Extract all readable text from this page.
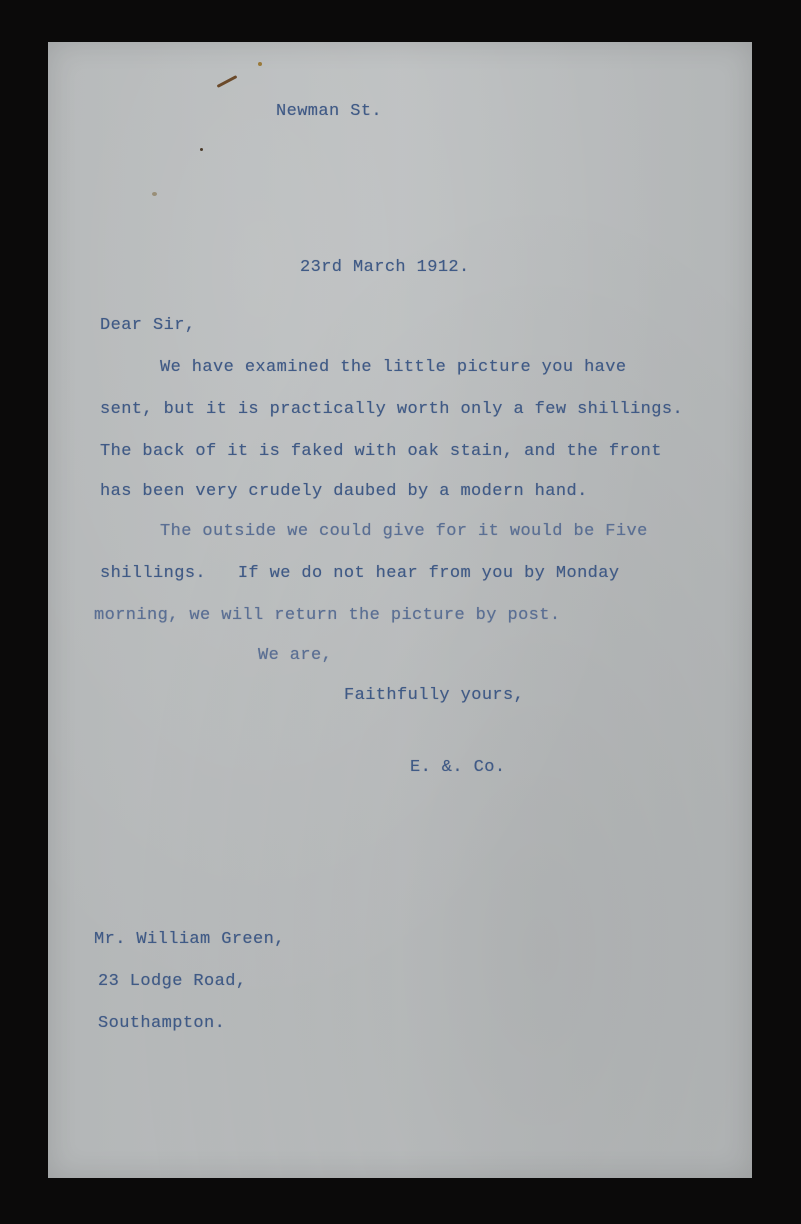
Newman St.
23rd March 1912.
Dear Sir,
We have examined the little picture you have
sent, but it is practically worth only a few shillings.
The back of it is faked with oak stain, and the front
has been very crudely daubed by a modern hand.
The outside we could give for it would be Five
shillings.   If we do not hear from you by Monday
morning, we will return the picture by post.
We are,
Faithfully yours,
E. &. Co.
Mr. William Green,
23 Lodge Road,
Southampton.
